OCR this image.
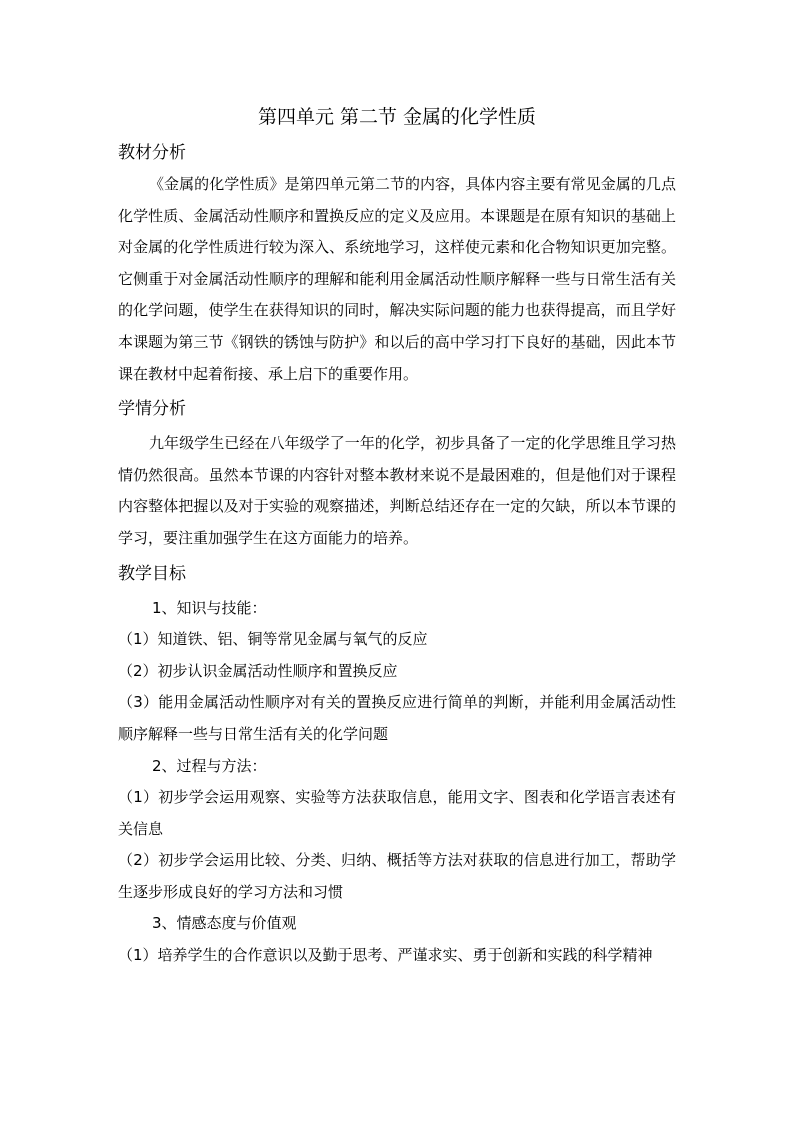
第四单元 第二节 金属的化学性质

教材分析

《金属的化学性质》是第四单元第二节的内容，具体内容主要有常见金属的几点化学性质、金属活动性顺序和置换反应的定义及应用。本课题是在原有知识的基础上对金属的化学性质进行较为深入、系统地学习，这样使元素和化合物知识更加完整。它侧重于对金属活动性顺序的理解和能利用金属活动性顺序解释一些与日常生活有关的化学问题，使学生在获得知识的同时，解决实际问题的能力也获得提高，而且学好本课题为第三节《钢铁的锈蚀与防护》和以后的高中学习打下良好的基础，因此本节课在教材中起着衔接、承上启下的重要作用。

学情分析

九年级学生已经在八年级学了一年的化学，初步具备了一定的化学思维且学习热情仍然很高。虽然本节课的内容针对整本教材来说不是最困难的，但是他们对于课程内容整体把握以及对于实验的观察描述，判断总结还存在一定的欠缺，所以本节课的学习，要注重加强学生在这方面能力的培养。

教学目标

1、知识与技能：

（1）知道铁、铝、铜等常见金属与氧气的反应

（2）初步认识金属活动性顺序和置换反应

（3）能用金属活动性顺序对有关的置换反应进行简单的判断，并能利用金属活动性顺序解释一些与日常生活有关的化学问题

2、过程与方法：

（1）初步学会运用观察、实验等方法获取信息，能用文字、图表和化学语言表述有关信息

（2）初步学会运用比较、分类、归纳、概括等方法对获取的信息进行加工，帮助学生逐步形成良好的学习方法和习惯

3、情感态度与价值观

（1）培养学生的合作意识以及勤于思考、严谨求实、勇于创新和实践的科学精神
